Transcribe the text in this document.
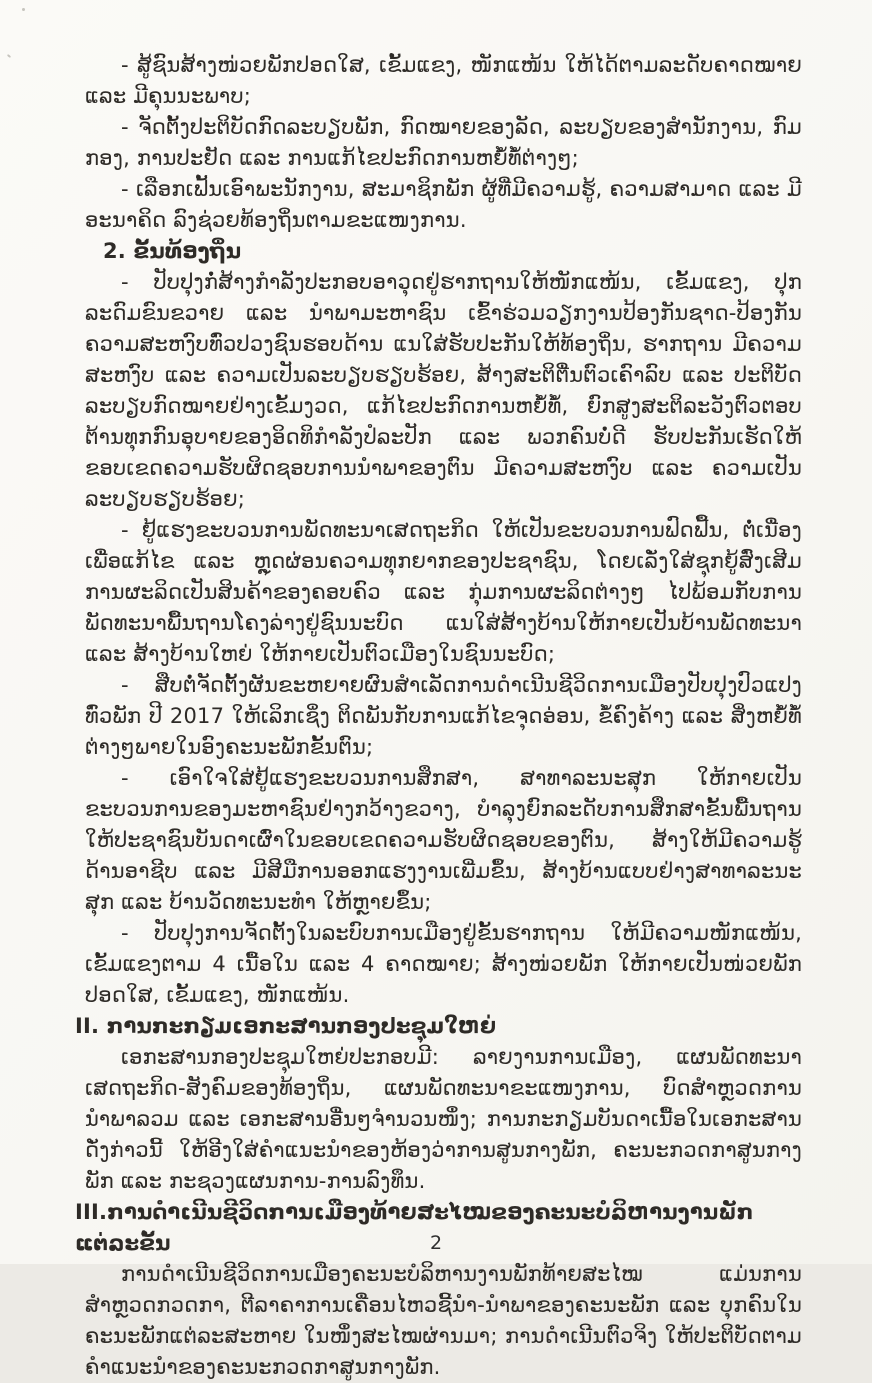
- ສູ້ຊົນສ້າງໜ່ວຍພັກປອດໃສ, ເຂັ້ມແຂງ, ໜັກແໜ້ນ ໃຫ້ໄດ້ຕາມລະດັບຄາດໝາຍ ແລະ ມີຄຸນນະພາບ;

- ຈັດຕັ້ງປະຕິບັດກົດລະບຽບພັກ, ກົດໝາຍຂອງລັດ, ລະບຽບຂອງສຳນັກງານ, ກົມກອງ, ການປະຢັດ ແລະ ການແກ້ໄຂປະກົດການຫຍໍ້ທໍ້ຕ່າງໆ;

- ເລືອກເຟັ້ນເອົາພະນັກງານ, ສະມາຊິກພັກ ຜູ້ທີ່ມີຄວາມຮູ້, ຄວາມສາມາດ ແລະ ມີອະນາຄິດ ລົງຊ່ວຍທ້ອງຖິ່ນຕາມຂະແໜງການ.

2. ຂັ້ນທ້ອງຖິ່ນ

- ປັບປຸງກໍ່ສ້າງກຳລັງປະກອບອາວຸດຢູ່ຮາກຖານໃຫ້ໜັກແໜ້ນ, ເຂັ້ມແຂງ, ປຸກລະດົມຂົນຂວາຍ ແລະ ນຳພາມະຫາຊົນ ເຂົ້າຮ່ວມວຽກງານປ້ອງກັນຊາດ-ປ້ອງກັນຄວາມສະຫງົບທົ່ວປວງຊົນຮອບດ້ານ ແນໃສ່ຮັບປະກັນໃຫ້ທ້ອງຖິ່ນ, ຮາກຖານ ມີຄວາມສະຫງົບ ແລະ ຄວາມເປັນລະບຽບຮຽບຮ້ອຍ, ສ້າງສະຕິຕື່ນຕົວເຄົາລົບ ແລະ ປະຕິບັດລະບຽບກົດໝາຍຢ່າງເຂັ້ມງວດ, ແກ້ໄຂປະກົດການຫຍໍ້ທໍ້, ຍົກສູງສະຕິລະວັງຕົວຕອບຕ້ານທຸກກົນອຸບາຍຂອງອິດທິກຳລັງປໍລະປັກ ແລະ ພວກຄົນບໍ່ດີ ຮັບປະກັນເຮັດໃຫ້ຂອບເຂດຄວາມຮັບຜິດຊອບການນຳພາຂອງຕົນ ມີຄວາມສະຫງົບ ແລະ ຄວາມເປັນລະບຽບຮຽບຮ້ອຍ;

- ຢູ້ແຮງຂະບວນການພັດທະນາເສດຖະກິດ ໃຫ້ເປັນຂະບວນການຟົດຟື້ນ, ຕໍ່ເນື່ອງ ເພື່ອແກ້ໄຂ ແລະ ຫຼຸດຜ່ອນຄວາມທຸກຍາກຂອງປະຊາຊົນ, ໂດຍເລັ່ງໃສ່ຊຸກຍູ້ສົ່ງເສີມການຜະລິດເປັນສິນຄ້າຂອງຄອບຄົວ ແລະ ກຸ່ມການຜະລິດຕ່າງໆ ໄປພ້ອມກັບການພັດທະນາພື້ນຖານໂຄງລ່າງຢູ່ຊົນນະບົດ ແນໃສ່ສ້າງບ້ານໃຫ້ກາຍເປັນບ້ານພັດທະນາ ແລະ ສ້າງບ້ານໃຫຍ່ ໃຫ້ກາຍເປັນຕົວເມືອງໃນຊົນນະບົດ;

- ສືບຕໍ່ຈັດຕັ້ງຜັນຂະຫຍາຍຜົນສຳເລັດການດຳເນີນຊີວິດການເມືອງປັບປຸງປົວແປງທົ່ວພັກ ປີ 2017 ໃຫ້ເລິກເຊິ່ງ ຕິດພັນກັບການແກ້ໄຂຈຸດອ່ອນ, ຂໍ້ຄົງຄ້າງ ແລະ ສິ່ງຫຍໍ້ທໍ້ຕ່າງໆພາຍໃນອົງຄະນະພັກຂັ້ນຕົນ;

- ເອົາໃຈໃສ່ຢູ້ແຮງຂະບວນການສຶກສາ, ສາທາລະນະສຸກ ໃຫ້ກາຍເປັນຂະບວນການຂອງມະຫາຊົນຢ່າງກວ້າງຂວາງ, ບຳລຸງຍົກລະດັບການສຶກສາຂັ້ນພື້ນຖານ ໃຫ້ປະຊາຊົນບັນດາເຜົ່າໃນຂອບເຂດຄວາມຮັບຜິດຊອບຂອງຕົນ, ສ້າງໃຫ້ມີຄວາມຮູ້ດ້ານອາຊີບ ແລະ ມີສີມືການອອກແຮງງານເພີ່ມຂຶ້ນ, ສ້າງບ້ານແບບຢ່າງສາທາລະນະສຸກ ແລະ ບ້ານວັດທະນະທຳ ໃຫ້ຫຼາຍຂຶ້ນ;

- ປັບປຸງການຈັດຕັ້ງໃນລະບົບການເມືອງຢູ່ຂັ້ນຮາກຖານ ໃຫ້ມີຄວາມໜັກແໜ້ນ, ເຂັ້ມແຂງຕາມ 4 ເນື້ອໃນ ແລະ 4 ຄາດໝາຍ; ສ້າງໜ່ວຍພັກ ໃຫ້ກາຍເປັນໜ່ວຍພັກປອດໃສ, ເຂັ້ມແຂງ, ໜັກແໜ້ນ.

II. ການກະກຽມເອກະສານກອງປະຊຸມໃຫຍ່

ເອກະສານກອງປະຊຸມໃຫຍ່ປະກອບມີ: ລາຍງານການເມືອງ, ແຜນພັດທະນາເສດຖະກິດ-ສັງຄົມຂອງທ້ອງຖິ່ນ, ແຜນພັດທະນາຂະແໜງການ, ບົດສຳຫຼວດການນຳພາລວມ ແລະ ເອກະສານອື່ນໆຈຳນວນໜຶ່ງ; ການກະກຽມບັນດາເນື້ອໃນເອກະສານດັ່ງກ່າວນີ້ ໃຫ້ອີງໃສ່ຄຳແນະນຳຂອງຫ້ອງວ່າການສູນກາງພັກ, ຄະນະກວດກາສູນກາງພັກ ແລະ ກະຊວງແຜນການ-ການລົງທຶນ.

III.ການດຳເນີນຊີວິດການເມືອງທ້າຍສະໄໝຂອງຄະນະບໍລິຫານງານພັກແຕ່ລະຂັ້ນ

ການດຳເນີນຊີວິດການເມືອງຄະນະບໍລິຫານງານພັກທ້າຍສະໄໝ ແມ່ນການສຳຫຼວດກວດກາ, ຕີລາຄາການເຄື່ອນໄຫວຊີ້ນຳ-ນຳພາຂອງຄະນະພັກ ແລະ ບຸກຄົນໃນຄະນະພັກແຕ່ລະສະຫາຍ ໃນໜຶ່ງສະໄໝຜ່ານມາ; ການດຳເນີນຕົວຈິງ ໃຫ້ປະຕິບັດຕາມຄຳແນະນຳຂອງຄະນະກວດກາສູນກາງພັກ.

2
